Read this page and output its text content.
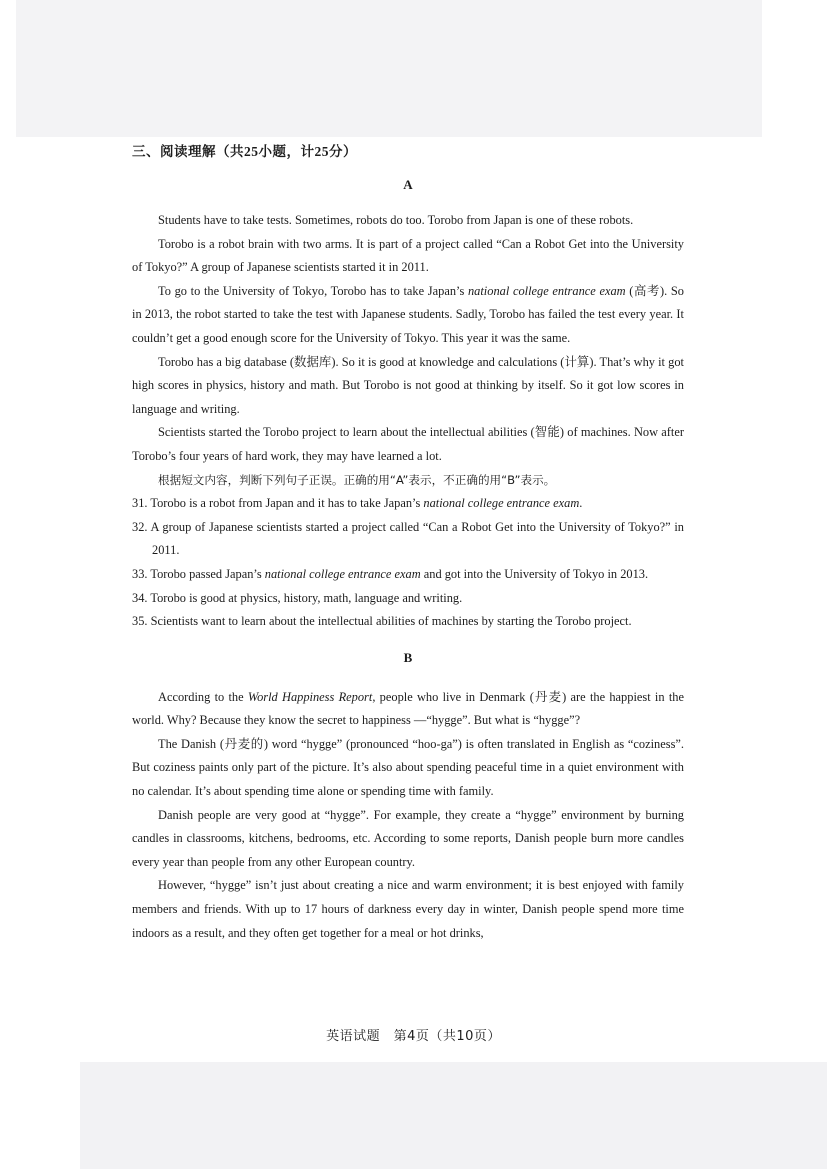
三、阅读理解（共25小题，计25分）
A

Students have to take tests. Sometimes, robots do too. Torobo from Japan is one of these robots.

Torobo is a robot brain with two arms. It is part of a project called “Can a Robot Get into the University of Tokyo?” A group of Japanese scientists started it in 2011.

To go to the University of Tokyo, Torobo has to take Japan’s national college entrance exam (高考). So in 2013, the robot started to take the test with Japanese students. Sadly, Torobo has failed the test every year. It couldn’t get a good enough score for the University of Tokyo. This year it was the same.

Torobo has a big database (数据库). So it is good at knowledge and calculations (计算). That’s why it got high scores in physics, history and math. But Torobo is not good at thinking by itself. So it got low scores in language and writing.

Scientists started the Torobo project to learn about the intellectual abilities (智能) of machines. Now after Torobo’s four years of hard work, they may have learned a lot.

根据短文内容，判断下列句子正误。正确的用“A”表示，不正确的用“B”表示。

31. Torobo is a robot from Japan and it has to take Japan’s national college entrance exam.

32. A group of Japanese scientists started a project called “Can a Robot Get into the University of Tokyo?” in 2011.

33. Torobo passed Japan’s national college entrance exam and got into the University of Tokyo in 2013.

34. Torobo is good at physics, history, math, language and writing.

35. Scientists want to learn about the intellectual abilities of machines by starting the Torobo project.

B

According to the World Happiness Report, people who live in Denmark (丹麦) are the happiest in the world. Why? Because they know the secret to happiness —“hygge”. But what is “hygge”?

The Danish (丹麦的) word “hygge” (pronounced “hoo-ga”) is often translated in English as “coziness”. But coziness paints only part of the picture. It’s also about spending peaceful time in a quiet environment with no calendar. It’s about spending time alone or spending time with family.

Danish people are very good at “hygge”. For example, they create a “hygge” environment by burning candles in classrooms, kitchens, bedrooms, etc. According to some reports, Danish people burn more candles every year than people from any other European country.

However, “hygge” isn’t just about creating a nice and warm environment; it is best enjoyed with family members and friends. With up to 17 hours of darkness every day in winter, Danish people spend more time indoors as a result, and they often get together for a meal or hot drinks,

英语试题　第4页（共10页）
